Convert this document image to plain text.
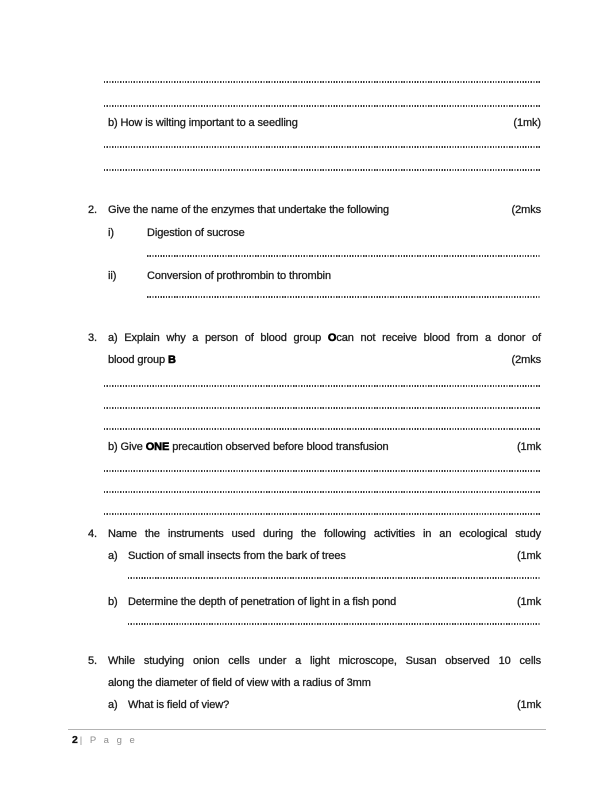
b) How is wilting important to a seedling	(1mk)
2. Give the name of the enzymes that undertake the following	(2mks
i)	Digestion of sucrose
ii)	Conversion of prothrombin to thrombin
3. a) Explain why a person of blood group Ocan not receive blood from a donor of
blood group B	(2mks
b) Give ONE precaution observed before blood transfusion	(1mk
4. Name the instruments used during the following activities in an ecological study
a) Suction of small insects from the bark of trees	(1mk
b) Determine the depth of penetration of light in a fish pond	(1mk
5. While studying onion cells under a light microscope, Susan observed 10 cells
along the diameter of field of view with a radius of 3mm
a) What is field of view?	(1mk
2 | P a g e
